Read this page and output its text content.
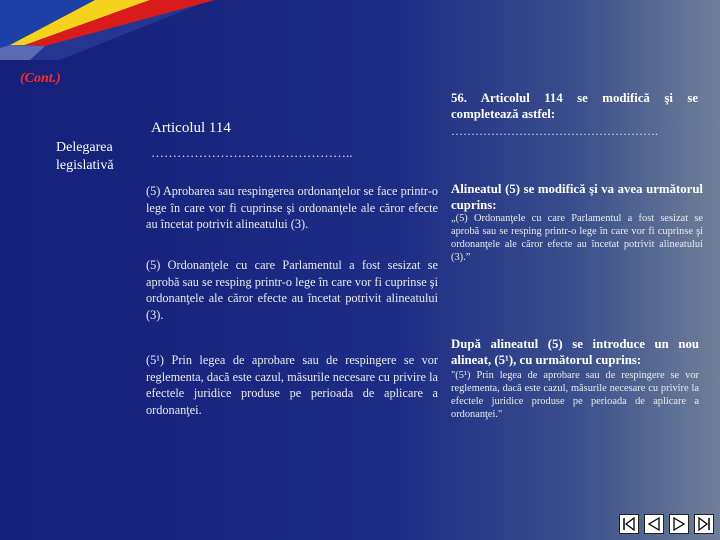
(Cont.)
Delegarea
legislativă
Articolul 114
………………………………………..
(5) Aprobarea sau respingerea ordonanţelor se face printr-o lege în care vor fi cuprinse şi ordonanţele ale căror efecte au încetat potrivit alineatului (3).
(5) Ordonanţele cu care Parlamentul a fost sesizat se aprobă sau se resping printr-o lege în care vor fi cuprinse şi ordonanţele ale căror efecte au încetat potrivit alineatului (3).
(5¹) Prin legea de aprobare sau de respingere se vor reglementa, dacă este cazul, măsurile necesare cu privire la efectele juridice produse pe perioada de aplicare a ordonanţei.
56. Articolul 114 se modifică şi se completează astfel:
…………………………………………….
Alineatul (5) se modifică şi va avea următorul cuprins:
„(5) Ordonanţele cu care Parlamentul a fost sesizat se aprobă sau se resping printr-o lege în care vor fi cuprinse şi ordonanţele ale căror efecte au încetat potrivit alineatului (3).”
După alineatul (5) se introduce un nou alineat, (5¹), cu următorul cuprins:
"(5¹) Prin legea de aprobare sau de respingere se vor reglementa, dacă este cazul, măsurile necesare cu privire la efectele juridice produse pe perioada de aplicare a ordonanţei."
